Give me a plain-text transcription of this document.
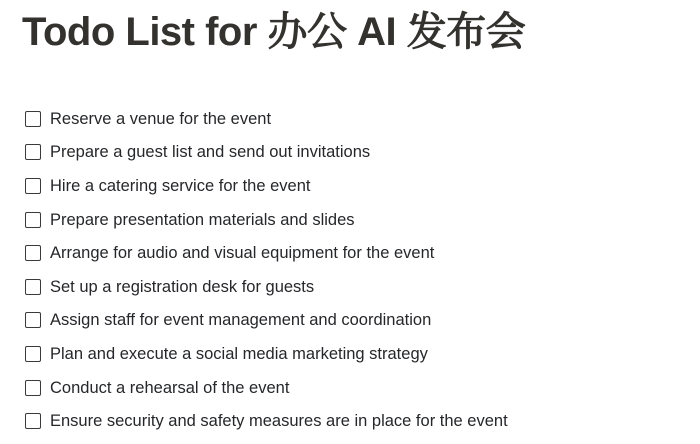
Todo List for 办公 AI 发布会
Reserve a venue for the event
Prepare a guest list and send out invitations
Hire a catering service for the event
Prepare presentation materials and slides
Arrange for audio and visual equipment for the event
Set up a registration desk for guests
Assign staff for event management and coordination
Plan and execute a social media marketing strategy
Conduct a rehearsal of the event
Ensure security and safety measures are in place for the event
